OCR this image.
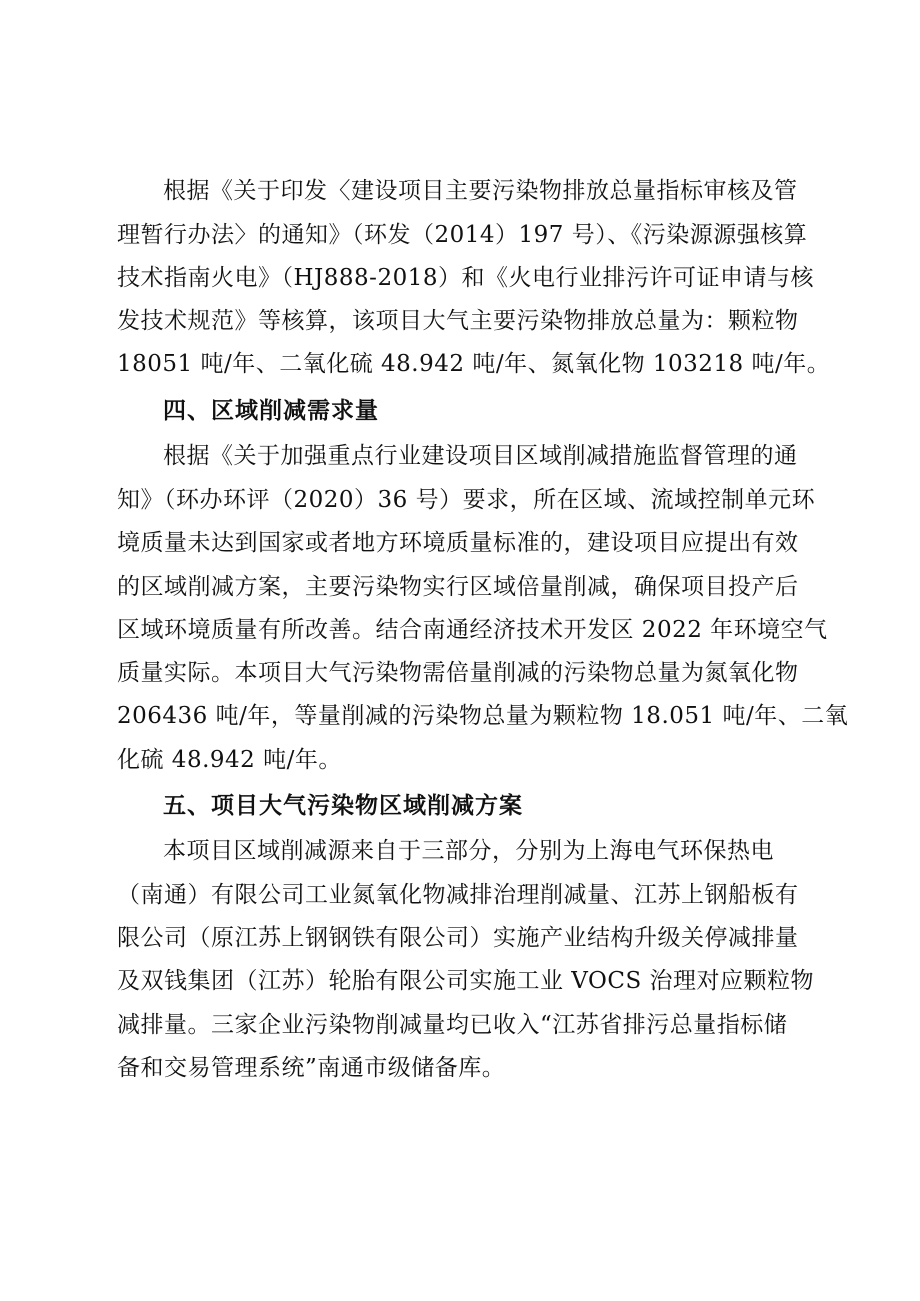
根据《关于印发〈建设项目主要污染物排放总量指标审核及管
理暂行办法〉的通知》（环发（2014）197 号）、《污染源源强核算
技术指南火电》（HJ888-2018）和《火电行业排污许可证申请与核
发技术规范》等核算，该项目大气主要污染物排放总量为：颗粒物
18051 吨/年、二氧化硫 48.942 吨/年、氮氧化物 103218 吨/年。
四、区域削减需求量
根据《关于加强重点行业建设项目区域削减措施监督管理的通
知》（环办环评（2020）36 号）要求，所在区域、流域控制单元环
境质量未达到国家或者地方环境质量标准的，建设项目应提出有效
的区域削减方案，主要污染物实行区域倍量削减，确保项目投产后
区域环境质量有所改善。结合南通经济技术开发区 2022 年环境空气
质量实际。本项目大气污染物需倍量削减的污染物总量为氮氧化物
206436 吨/年，等量削减的污染物总量为颗粒物 18.051 吨/年、二氧
化硫 48.942 吨/年。
五、项目大气污染物区域削减方案
本项目区域削减源来自于三部分，分别为上海电气环保热电
（南通）有限公司工业氮氧化物减排治理削减量、江苏上钢船板有
限公司（原江苏上钢钢铁有限公司）实施产业结构升级关停减排量
及双钱集团（江苏）轮胎有限公司实施工业 VOCS 治理对应颗粒物
减排量。三家企业污染物削减量均已收入“江苏省排污总量指标储
备和交易管理系统”南通市级储备库。
